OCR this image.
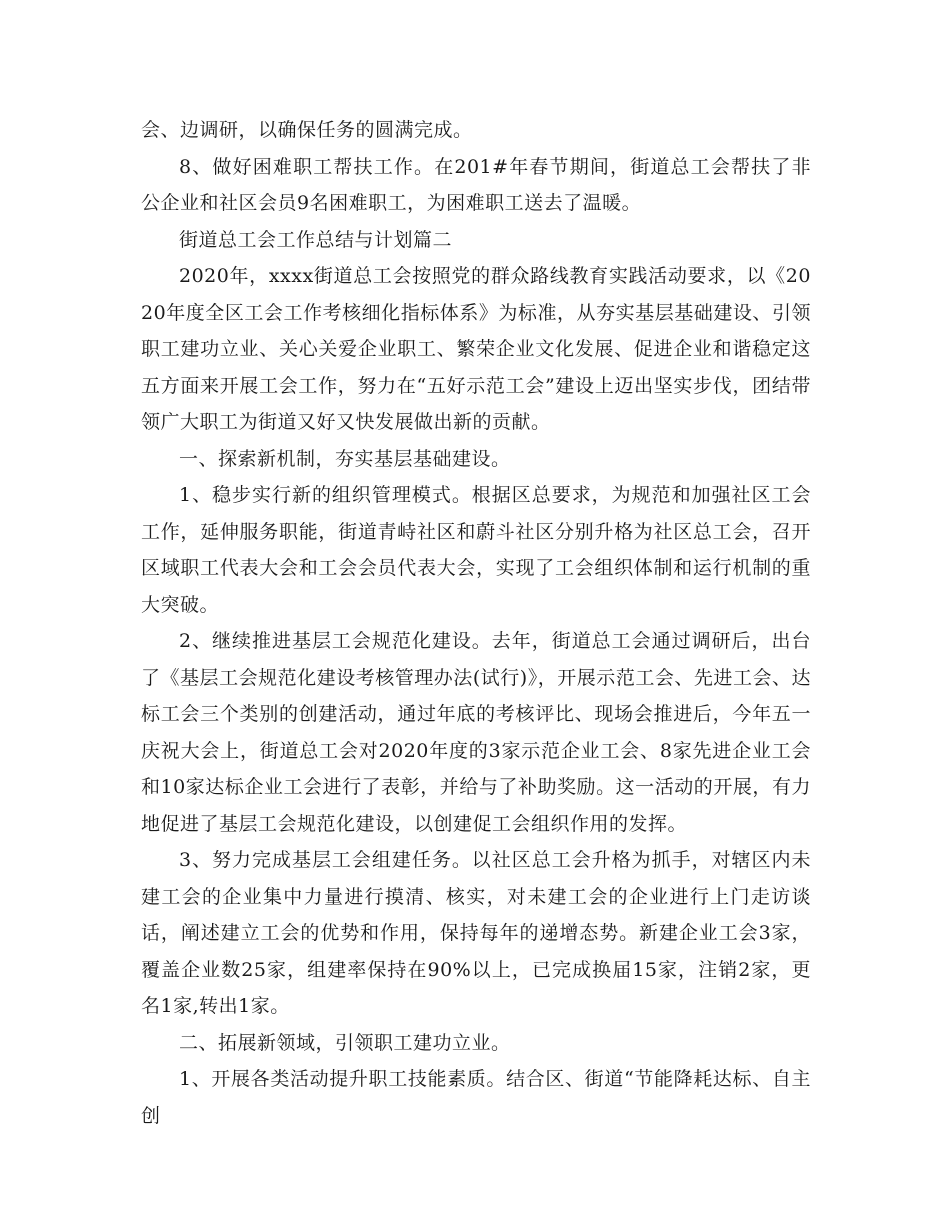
会、边调研，以确保任务的圆满完成。

8、做好困难职工帮扶工作。在201#年春节期间，街道总工会帮扶了非公企业和社区会员9名困难职工，为困难职工送去了温暖。

街道总工会工作总结与计划篇二

2020年，xxxx街道总工会按照党的群众路线教育实践活动要求，以《2020年度全区工会工作考核细化指标体系》为标准，从夯实基层基础建设、引领职工建功立业、关心关爱企业职工、繁荣企业文化发展、促进企业和谐稳定这五方面来开展工会工作，努力在“五好示范工会”建设上迈出坚实步伐，团结带领广大职工为街道又好又快发展做出新的贡献。

一、探索新机制，夯实基层基础建设。

1、稳步实行新的组织管理模式。根据区总要求，为规范和加强社区工会工作，延伸服务职能，街道青峙社区和蔚斗社区分别升格为社区总工会，召开区域职工代表大会和工会会员代表大会，实现了工会组织体制和运行机制的重大突破。

2、继续推进基层工会规范化建设。去年，街道总工会通过调研后，出台了《基层工会规范化建设考核管理办法(试行)》，开展示范工会、先进工会、达标工会三个类别的创建活动，通过年底的考核评比、现场会推进后，今年五一庆祝大会上，街道总工会对2020年度的3家示范企业工会、8家先进企业工会和10家达标企业工会进行了表彰，并给与了补助奖励。这一活动的开展，有力地促进了基层工会规范化建设，以创建促工会组织作用的发挥。

3、努力完成基层工会组建任务。以社区总工会升格为抓手，对辖区内未建工会的企业集中力量进行摸清、核实，对未建工会的企业进行上门走访谈话，阐述建立工会的优势和作用，保持每年的递增态势。新建企业工会3家，覆盖企业数25家，组建率保持在90%以上，已完成换届15家，注销2家，更名1家,转出1家。

二、拓展新领域，引领职工建功立业。

1、开展各类活动提升职工技能素质。结合区、街道“节能降耗达标、自主创
